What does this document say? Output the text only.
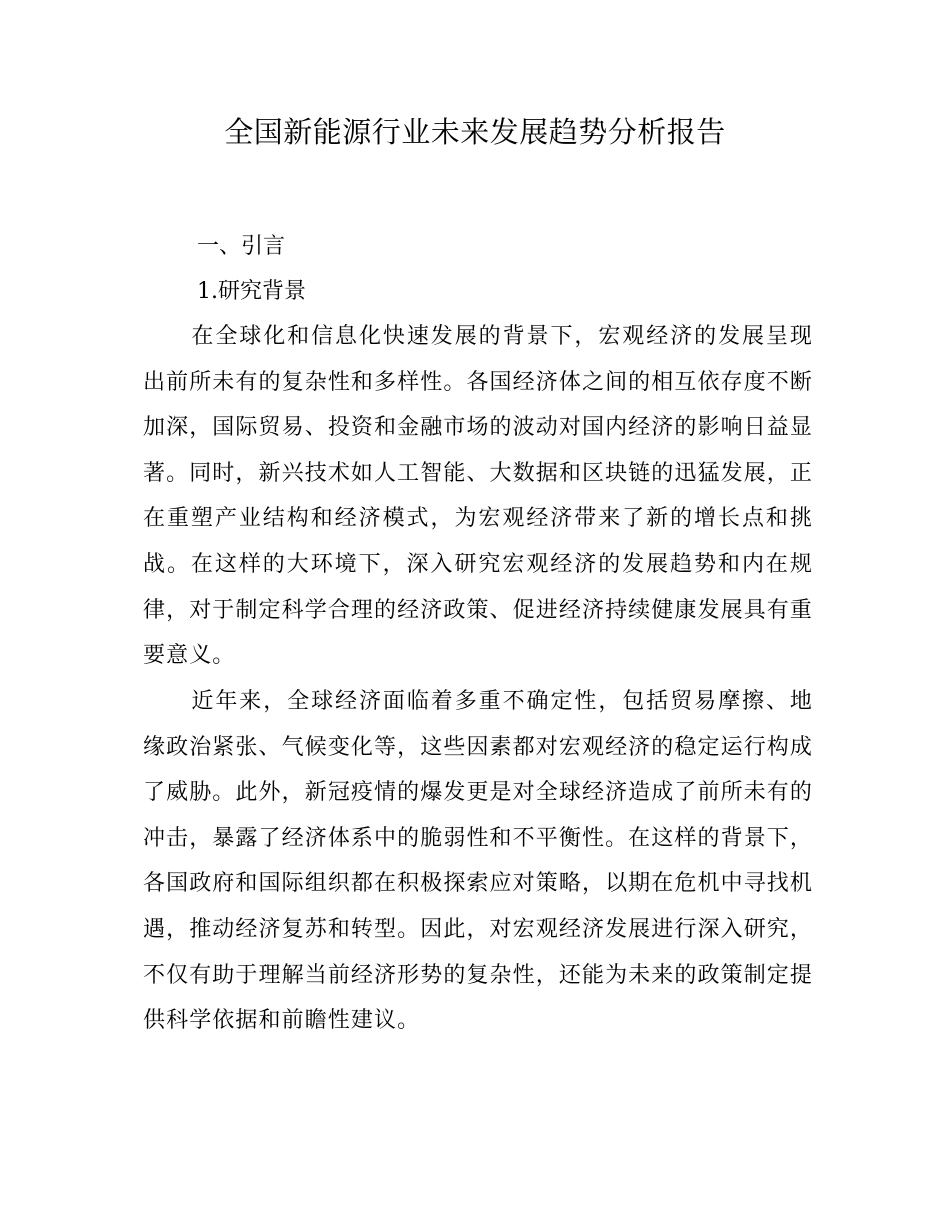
全国新能源行业未来发展趋势分析报告
一、引言
1.研究背景

在全球化和信息化快速发展的背景下，宏观经济的发展呈现出前所未有的复杂性和多样性。各国经济体之间的相互依存度不断加深，国际贸易、投资和金融市场的波动对国内经济的影响日益显著。同时，新兴技术如人工智能、大数据和区块链的迅猛发展，正在重塑产业结构和经济模式，为宏观经济带来了新的增长点和挑战。在这样的大环境下，深入研究宏观经济的发展趋势和内在规律，对于制定科学合理的经济政策、促进经济持续健康发展具有重要意义。

近年来，全球经济面临着多重不确定性，包括贸易摩擦、地缘政治紧张、气候变化等，这些因素都对宏观经济的稳定运行构成了威胁。此外，新冠疫情的爆发更是对全球经济造成了前所未有的冲击，暴露了经济体系中的脆弱性和不平衡性。在这样的背景下，各国政府和国际组织都在积极探索应对策略，以期在危机中寻找机遇，推动经济复苏和转型。因此，对宏观经济发展进行深入研究，不仅有助于理解当前经济形势的复杂性，还能为未来的政策制定提供科学依据和前瞻性建议。
